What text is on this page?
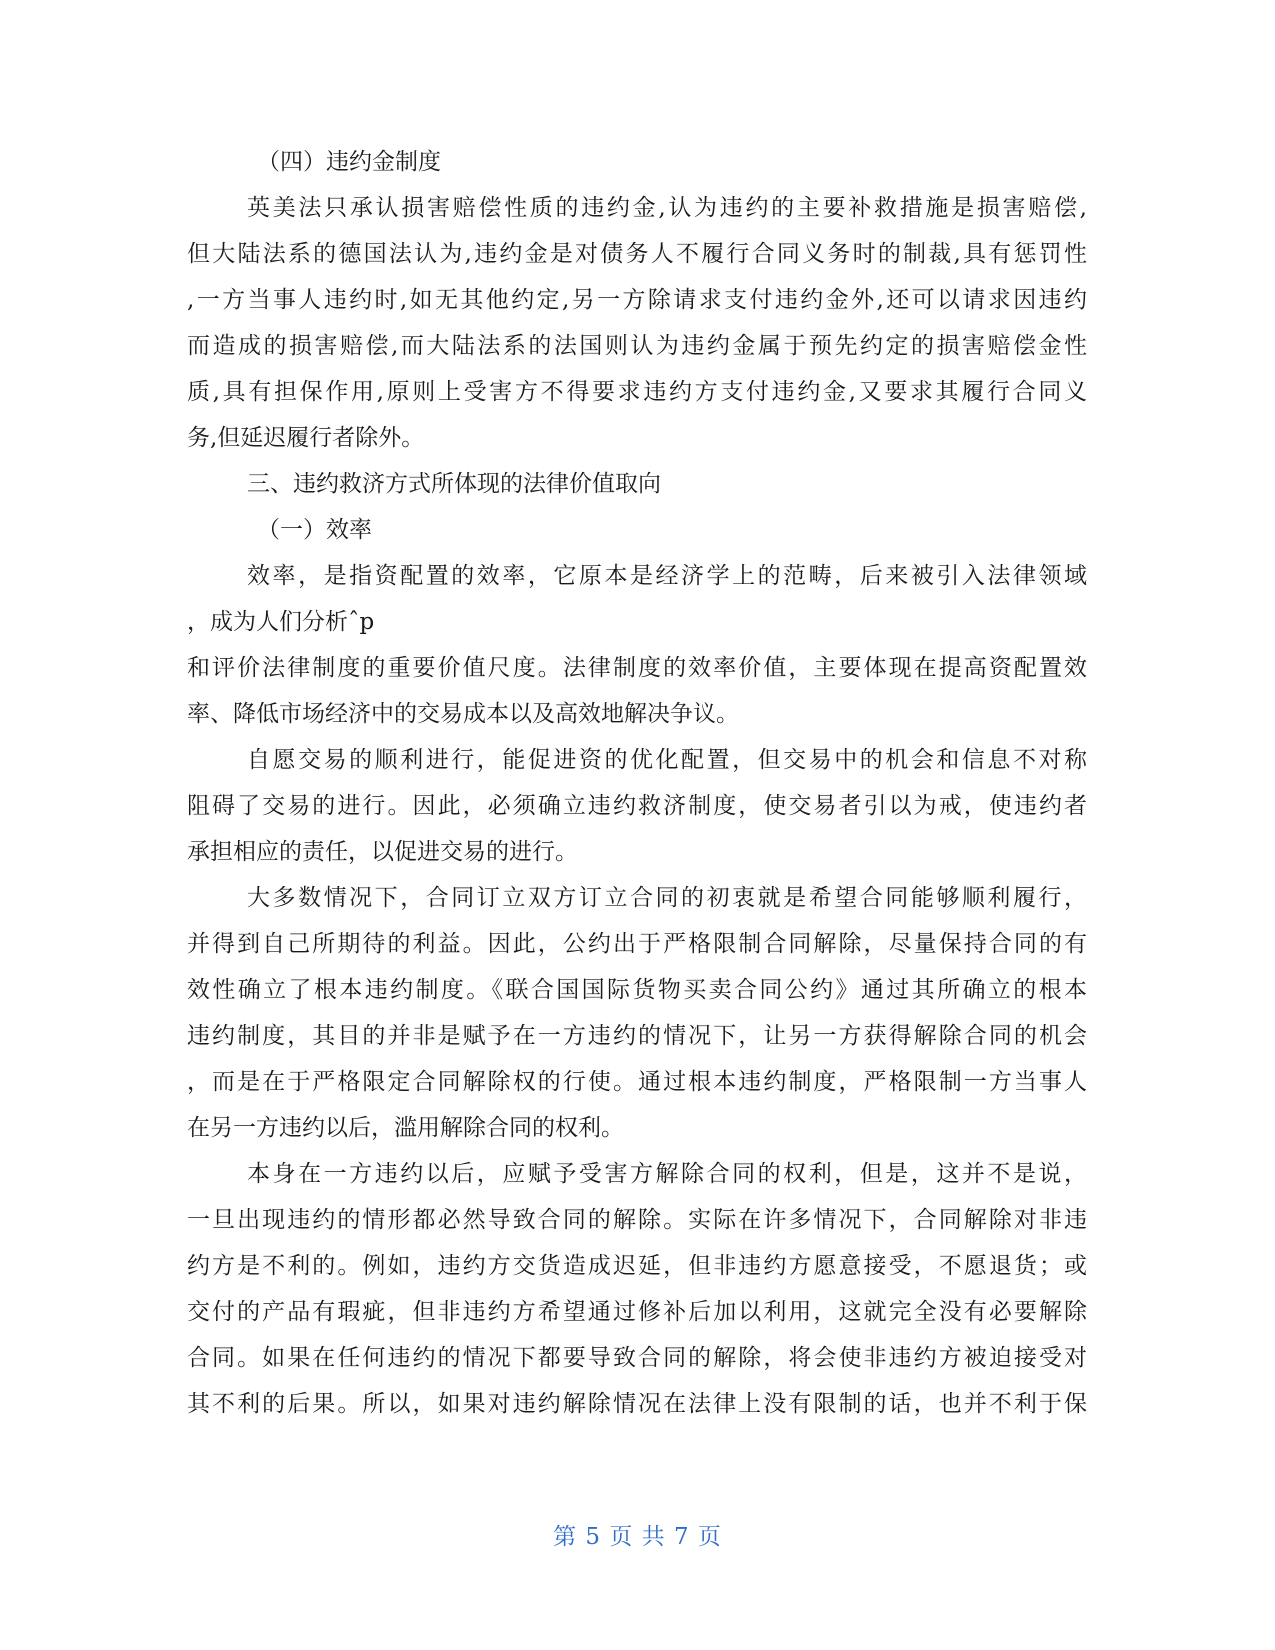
（四）违约金制度
英美法只承认损害赔偿性质的违约金,认为违约的主要补救措施是损害赔偿,
但大陆法系的德国法认为,违约金是对债务人不履行合同义务时的制裁,具有惩罚性
,一方当事人违约时,如无其他约定,另一方除请求支付违约金外,还可以请求因违约
而造成的损害赔偿,而大陆法系的法国则认为违约金属于预先约定的损害赔偿金性
质,具有担保作用,原则上受害方不得要求违约方支付违约金,又要求其履行合同义
务,但延迟履行者除外。
三、违约救济方式所体现的法律价值取向
（一）效率
效率，是指资配置的效率，它原本是经济学上的范畴，后来被引入法律领域
，成为人们分析ˆp
和评价法律制度的重要价值尺度。法律制度的效率价值，主要体现在提高资配置效
率、降低市场经济中的交易成本以及高效地解决争议。
自愿交易的顺利进行，能促进资的优化配置，但交易中的机会和信息不对称
阻碍了交易的进行。因此，必须确立违约救济制度，使交易者引以为戒，使违约者
承担相应的责任，以促进交易的进行。
大多数情况下，合同订立双方订立合同的初衷就是希望合同能够顺利履行，
并得到自己所期待的利益。因此，公约出于严格限制合同解除，尽量保持合同的有
效性确立了根本违约制度。《联合国国际货物买卖合同公约》通过其所确立的根本
违约制度，其目的并非是赋予在一方违约的情况下，让另一方获得解除合同的机会
，而是在于严格限定合同解除权的行使。通过根本违约制度，严格限制一方当事人
在另一方违约以后，滥用解除合同的权利。
本身在一方违约以后，应赋予受害方解除合同的权利，但是，这并不是说，
一旦出现违约的情形都必然导致合同的解除。实际在许多情况下，合同解除对非违
约方是不利的。例如，违约方交货造成迟延，但非违约方愿意接受，不愿退货；或
交付的产品有瑕疵，但非违约方希望通过修补后加以利用，这就完全没有必要解除
合同。如果在任何违约的情况下都要导致合同的解除，将会使非违约方被迫接受对
其不利的后果。所以，如果对违约解除情况在法律上没有限制的话，也并不利于保
第 5 页 共 7 页
